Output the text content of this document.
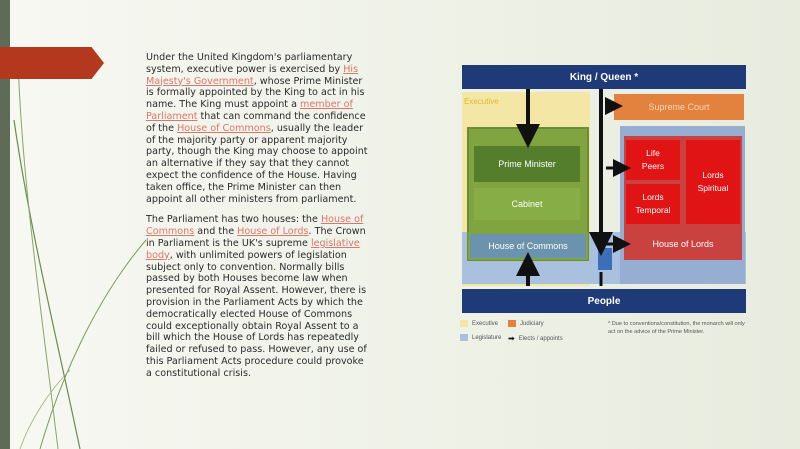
Under the United Kingdom's parliamentary system, executive power is exercised by His Majesty's Government, whose Prime Minister is formally appointed by the King to act in his name. The King must appoint a member of Parliament that can command the confidence of the House of Commons, usually the leader of the majority party or apparent majority party, though the King may choose to appoint an alternative if they say that they cannot expect the confidence of the House. Having taken office, the Prime Minister can then appoint all other ministers from parliament.

The Parliament has two houses: the House of Commons and the House of Lords. The Crown in Parliament is the UK's supreme legislative body, with unlimited powers of legislation subject only to convention. Normally bills passed by both Houses become law when presented for Royal Assent. However, there is provision in the Parliament Acts by which the democratically elected House of Commons could exceptionally obtain Royal Assent to a bill which the House of Lords has repeatedly failed or refused to pass. However, any use of this Parliament Acts procedure could provoke a constitutional crisis.

Executive
Supreme Court
Prime Minister
Cabinet
House of Commons
Life
Peers
Lords
Temporal
Lords
Spiritual
House of Lords
King / Queen *
People
Executive	Judiciary
Legislature ➡ Elects / appoints
* Due to conventions/constitution, the monarch will only act on the advice of the Prime Minister.
